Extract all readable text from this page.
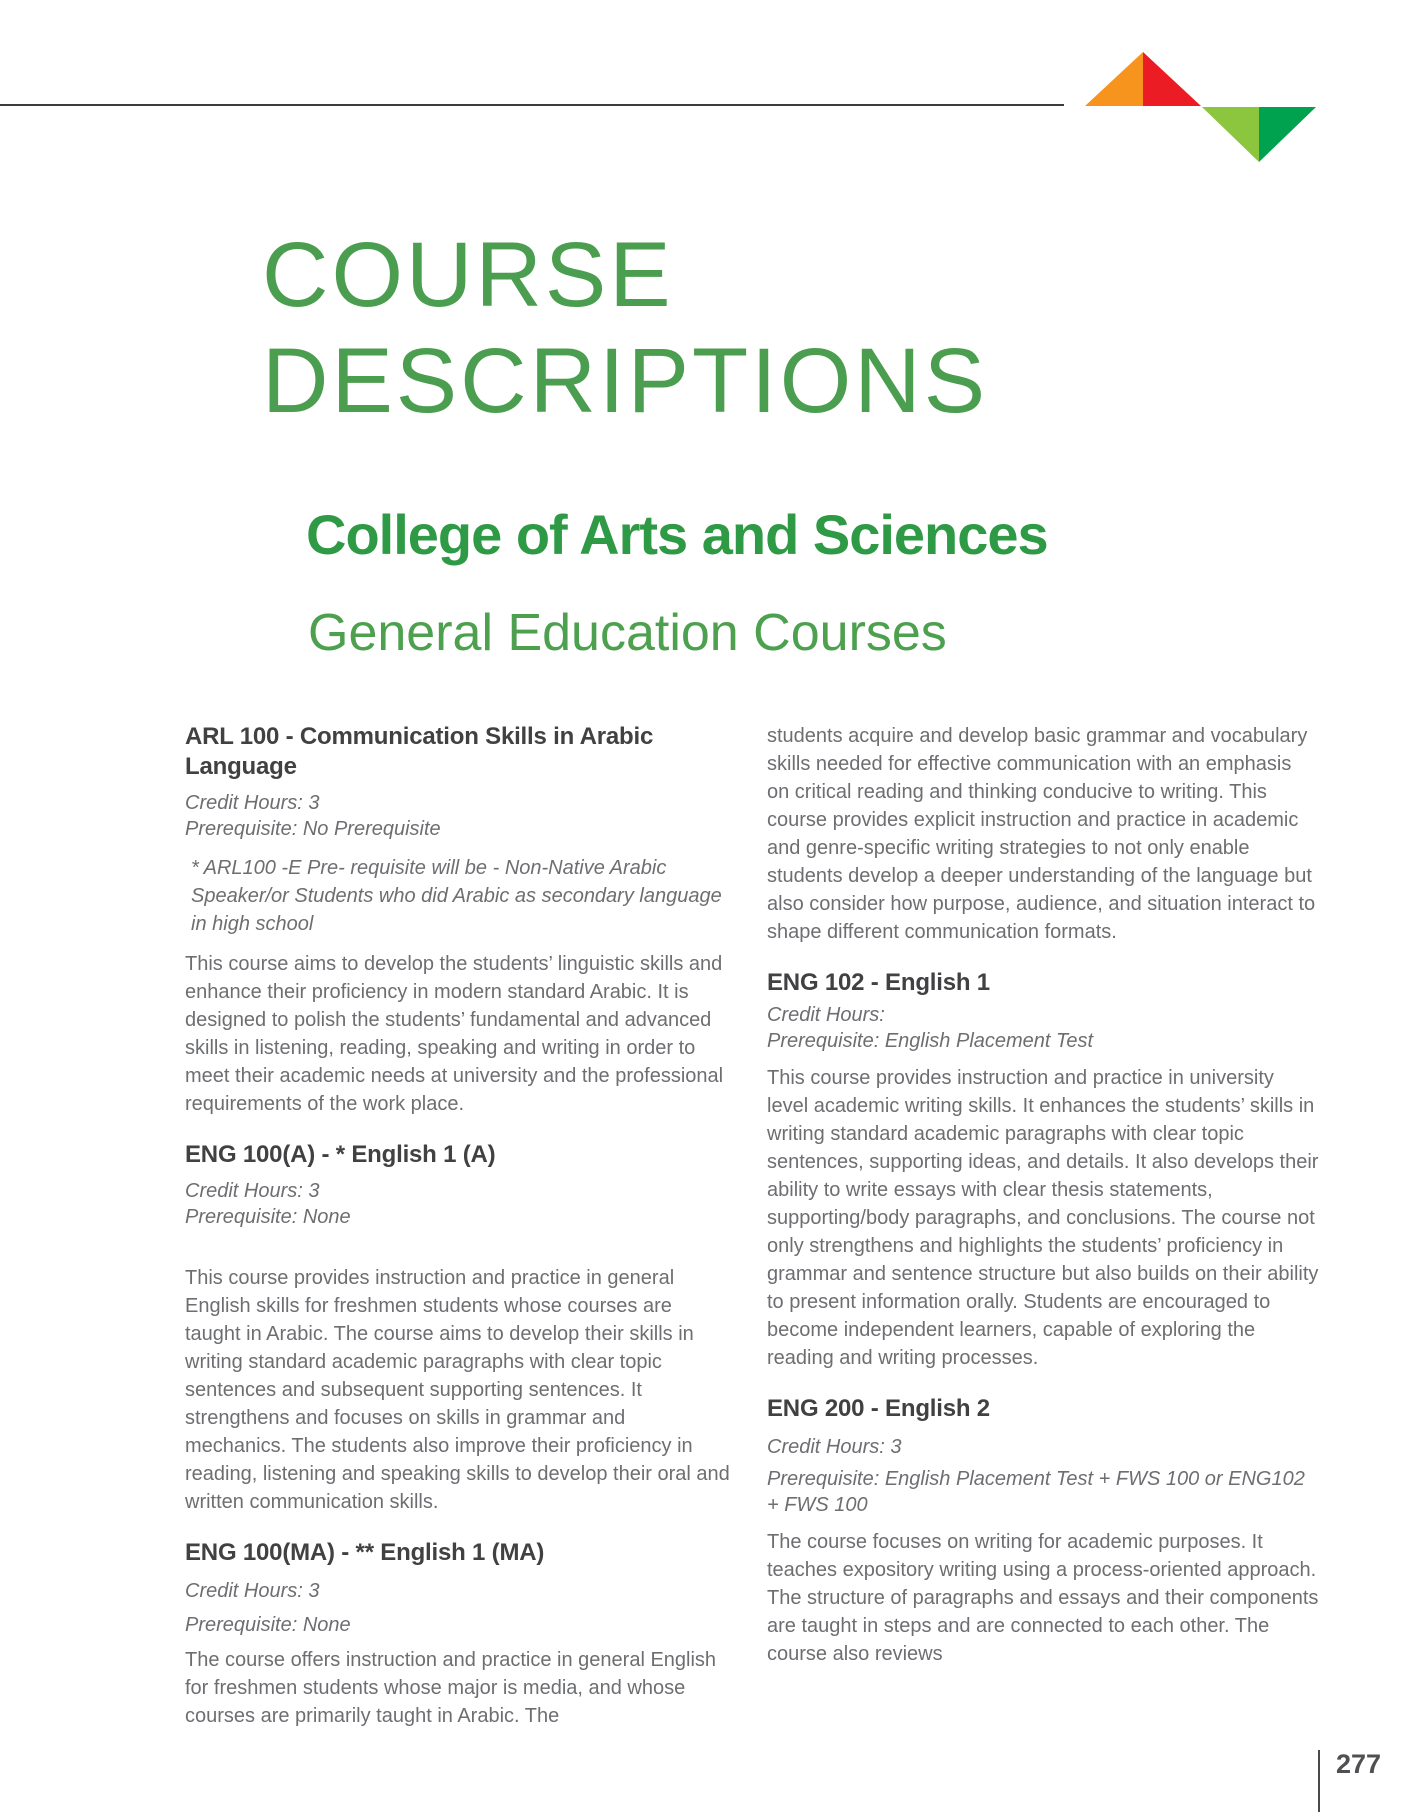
COURSE
DESCRIPTIONS
College of Arts and Sciences
General Education Courses
ARL 100 - Communication Skills in Arabic Language

Credit Hours: 3

Prerequisite: No Prerequisite

* ARL100 -E Pre- requisite will be - Non-Native Arabic Speaker/or Students who did Arabic as secondary language in high school

This course aims to develop the students’ linguistic skills and enhance their proficiency in modern standard Arabic. It is designed to polish the students’ fundamental and advanced skills in listening, reading, speaking and writing in order to meet their academic needs at university and the professional requirements of the work place.

ENG 100(A) - * English 1 (A)

Credit Hours: 3

Prerequisite: None

This course provides instruction and practice in general English skills for freshmen students whose courses are taught in Arabic. The course aims to develop their skills in writing standard academic paragraphs with clear topic sentences and subsequent supporting sentences. It strengthens and focuses on skills in grammar and mechanics. The students also improve their proficiency in reading, listening and speaking skills to develop their oral and written communication skills.

ENG 100(MA) - ** English 1 (MA)

Credit Hours: 3

Prerequisite: None

The course offers instruction and practice in general English for freshmen students whose major is media, and whose courses are primarily taught in Arabic. The

students acquire and develop basic grammar and vocabulary skills needed for effective communication with an emphasis on critical reading and thinking conducive to writing. This course provides explicit instruction and practice in academic and genre-specific writing strategies to not only enable students develop a deeper understanding of the language but also consider how purpose, audience, and situation interact to shape different communication formats.

ENG 102 - English 1

Credit Hours:

Prerequisite: English Placement Test

This course provides instruction and practice in university level academic writing skills. It enhances the students’ skills in writing standard academic paragraphs with clear topic sentences, supporting ideas, and details. It also develops their ability to write essays with clear thesis statements, supporting/body paragraphs, and conclusions. The course not only strengthens and highlights the students’ proficiency in grammar and sentence structure but also builds on their ability to present information orally. Students are encouraged to become independent learners, capable of exploring the reading and writing processes.

ENG 200 - English 2

Credit Hours: 3

Prerequisite: English Placement Test + FWS 100 or ENG102 + FWS 100

The course focuses on writing for academic purposes. It teaches expository writing using a process-oriented approach. The structure of paragraphs and essays and their components are taught in steps and are connected to each other. The course also reviews

277
